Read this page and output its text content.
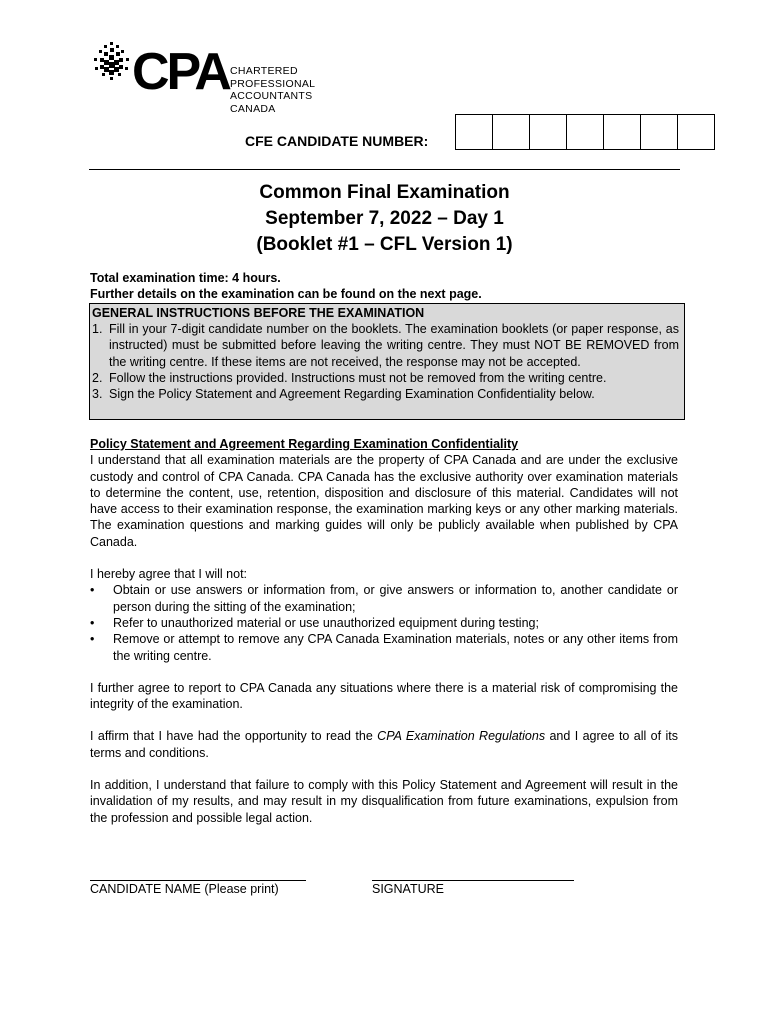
CPA CHARTERED
PROFESSIONAL
ACCOUNTANTS
CANADA
CFE CANDIDATE NUMBER:
Common Final Examination
September 7, 2022 – Day 1
(Booklet #1 – CFL Version 1)
Total examination time: 4 hours.
Further details on the examination can be found on the next page.
GENERAL INSTRUCTIONS BEFORE THE EXAMINATION
1. Fill in your 7-digit candidate number on the booklets. The examination booklets (or paper response, as instructed) must be submitted before leaving the writing centre. They must NOT BE REMOVED from the writing centre. If these items are not received, the response may not be accepted.
2. Follow the instructions provided. Instructions must not be removed from the writing centre.
3. Sign the Policy Statement and Agreement Regarding Examination Confidentiality below.
Policy Statement and Agreement Regarding Examination Confidentiality

I understand that all examination materials are the property of CPA Canada and are under the exclusive custody and control of CPA Canada. CPA Canada has the exclusive authority over examination materials to determine the content, use, retention, disposition and disclosure of this material. Candidates will not have access to their examination response, the examination marking keys or any other marking materials. The examination questions and marking guides will only be publicly available when published by CPA Canada.

I hereby agree that I will not:

•	Obtain or use answers or information from, or give answers or information to, another candidate or person during the sitting of the examination;
•	Refer to unauthorized material or use unauthorized equipment during testing;
•	Remove or attempt to remove any CPA Canada Examination materials, notes or any other items from the writing centre.

I further agree to report to CPA Canada any situations where there is a material risk of compromising the integrity of the examination.

I affirm that I have had the opportunity to read the CPA Examination Regulations and I agree to all of its terms and conditions.

In addition, I understand that failure to comply with this Policy Statement and Agreement will result in the invalidation of my results, and may result in my disqualification from future examinations, expulsion from the profession and possible legal action.

CANDIDATE NAME (Please print)	SIGNATURE
